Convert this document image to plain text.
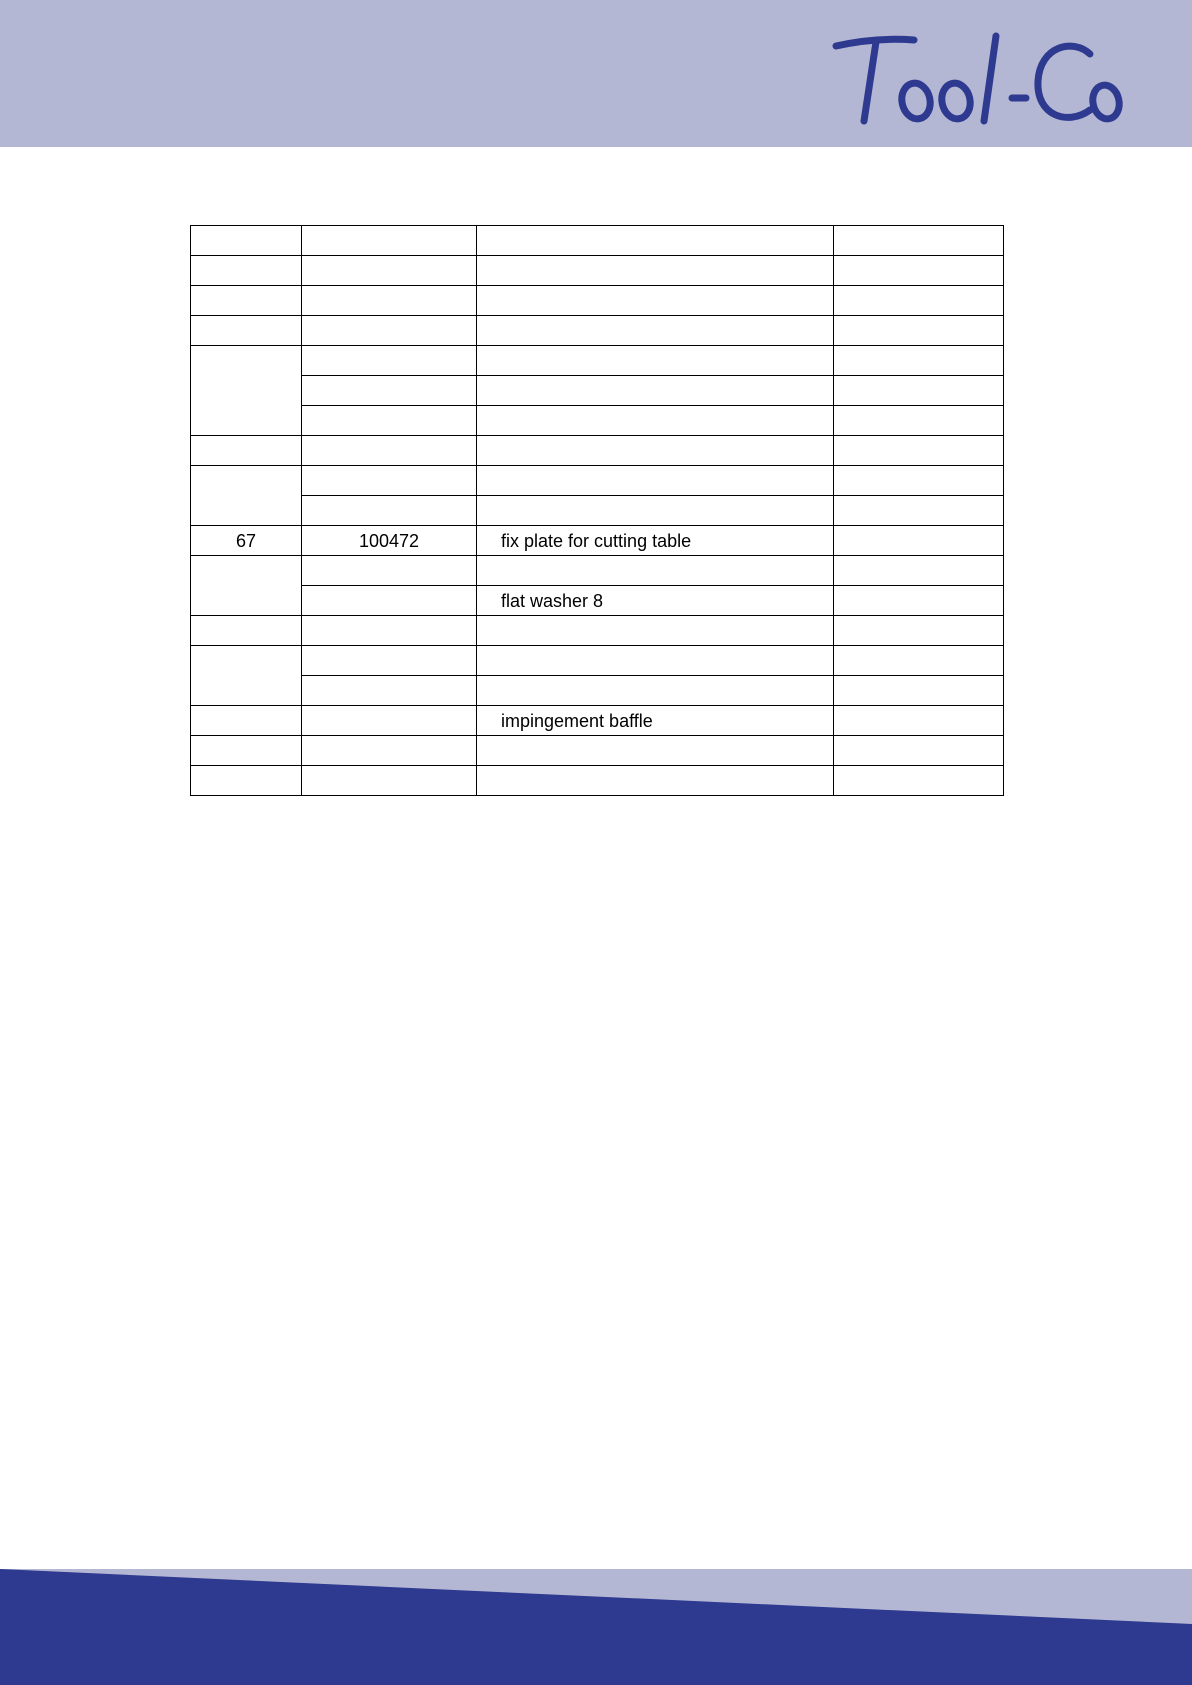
67	100472	fix plate for cutting table	

		flat washer 8	

		impingement baffle	
